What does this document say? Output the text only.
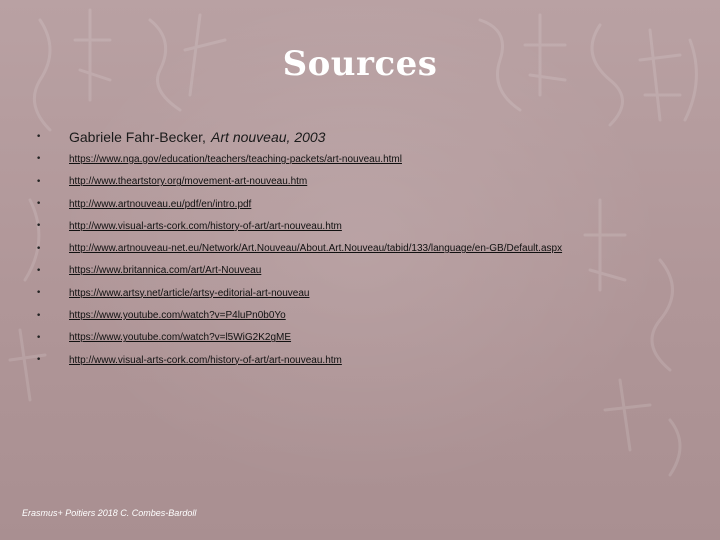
Sources
•	Gabriele Fahr-Becker,
Art nouveau, 2003
•	https://www.nga.gov/education/teachers/teaching-packets/art-nouveau.html
•	http://www.theartstory.org/movement-art-nouveau.htm
•	http://www.artnouveau.eu/pdf/en/intro.pdf
•	http://www.visual-arts-cork.com/history-of-art/art-nouveau.htm
•	http://www.artnouveau-net.eu/Network/Art.Nouveau/About.Art.Nouveau/tabid/133/language/en-GB/Default.aspx
•	https://www.britannica.com/art/Art-Nouveau
•	https://www.artsy.net/article/artsy-editorial-art-nouveau
•	https://www.youtube.com/watch?v=P4luPn0b0Yo
•	https://www.youtube.com/watch?v=l5WiG2K2gME
•	http://www.visual-arts-cork.com/history-of-art/art-nouveau.htm
Erasmus+ Poitiers 2018 C. Combes-Bardoll
